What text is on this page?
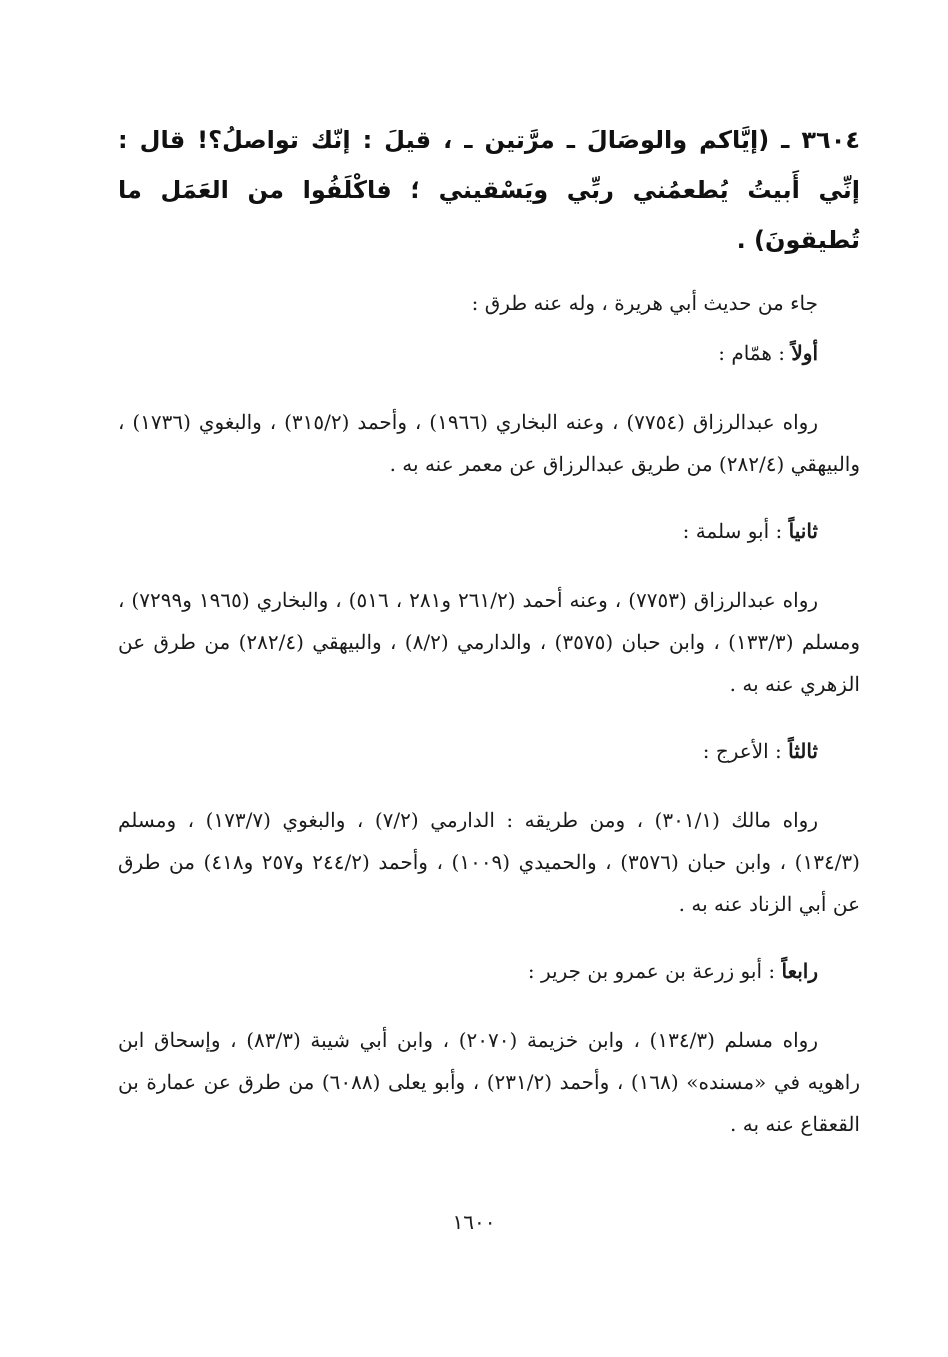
٣٦٠٤ ـ (إيَّاكم والوصَالَ ـ مرَّتين ـ ، قيلَ : إنّك تواصلُ؟! قال : إنِّي أَبيتُ يُطعمُني ربِّي ويَسْقيني ؛ فاكْلَفُوا من العَمَل ما تُطيقونَ) .

جاء من حديث أبي هريرة ، وله عنه طرق :

أولاً : همّام :

رواه عبدالرزاق (٧٧٥٤) ، وعنه البخاري (١٩٦٦) ، وأحمد (٣١٥/٢) ، والبغوي (١٧٣٦) ، والبيهقي (٢٨٢/٤) من طريق عبدالرزاق عن معمر عنه به .

ثانياً : أبو سلمة :

رواه عبدالرزاق (٧٧٥٣) ، وعنه أحمد (٢٦١/٢ و٢٨١ ، ٥١٦) ، والبخاري (١٩٦٥ و٧٢٩٩) ، ومسلم (١٣٣/٣) ، وابن حبان (٣٥٧٥) ، والدارمي (٨/٢) ، والبيهقي (٢٨٢/٤) من طرق عن الزهري عنه به .

ثالثاً : الأعرج :

رواه مالك (٣٠١/١) ، ومن طريقه : الدارمي (٧/٢) ، والبغوي (١٧٣/٧) ، ومسلم (١٣٤/٣) ، وابن حبان (٣٥٧٦) ، والحميدي (١٠٠٩) ، وأحمد (٢٤٤/٢ و٢٥٧ و٤١٨) من طرق عن أبي الزناد عنه به .

رابعاً : أبو زرعة بن عمرو بن جرير :

رواه مسلم (١٣٤/٣) ، وابن خزيمة (٢٠٧٠) ، وابن أبي شيبة (٨٣/٣) ، وإسحاق ابن راهويه في «مسنده» (١٦٨) ، وأحمد (٢٣١/٢) ، وأبو يعلى (٦٠٨٨) من طرق عن عمارة بن القعقاع عنه به .

١٦٠٠
